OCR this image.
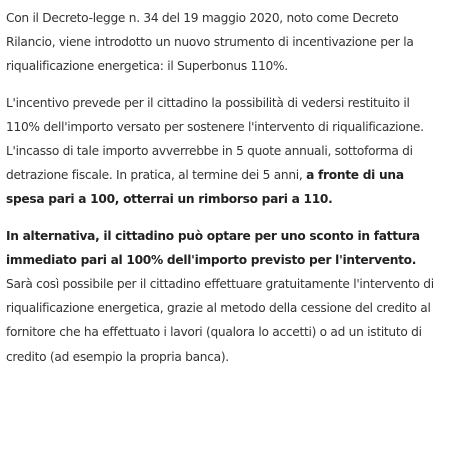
Con il Decreto-legge n. 34 del 19 maggio 2020, noto come Decreto Rilancio, viene introdotto un nuovo strumento di incentivazione per la riqualificazione energetica: il Superbonus 110%.

L'incentivo prevede per il cittadino la possibilità di vedersi restituito il 110% dell'importo versato per sostenere l'intervento di riqualificazione. L'incasso di tale importo avverrebbe in 5 quote annuali, sottoforma di detrazione fiscale. In pratica, al termine dei 5 anni, a fronte di una spesa pari a 100, otterrai un rimborso pari a 110.

In alternativa, il cittadino può optare per uno sconto in fattura immediato pari al 100% dell'importo previsto per l'intervento. Sarà così possibile per il cittadino effettuare gratuitamente l'intervento di riqualificazione energetica, grazie al metodo della cessione del credito al fornitore che ha effettuato i lavori (qualora lo accetti) o ad un istituto di credito (ad esempio la propria banca).
